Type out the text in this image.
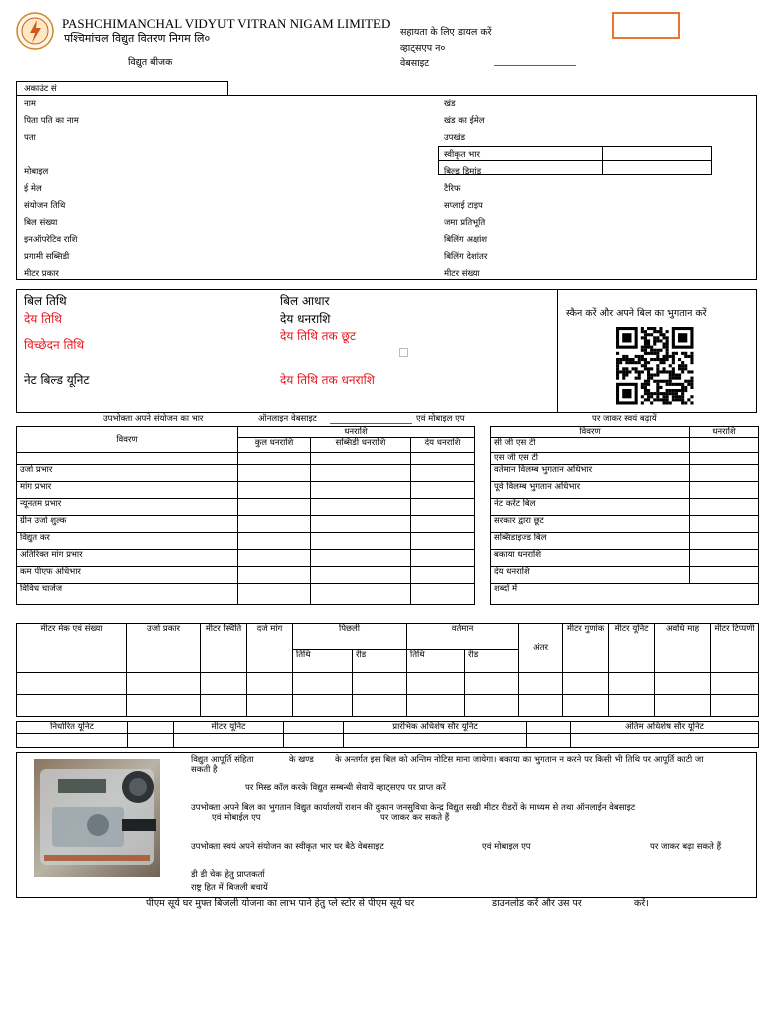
PASHCHIMANCHAL VIDYUT VITRAN NIGAM LIMITED
पश्चिमांचल विद्युत वितरण निगम लि०
विद्युत बीजक
सहायता के लिए डायल करें
व्हाट्सएप न०
वेबसाइट
अकाउंट सं
नाम
पिता पति का नाम
पता
मोबाइल
ई मेल
संयोजन तिथि
बिल संख्या
इनऑपरेटिव राशि
प्रगामी सब्सिडी
मीटर प्रकार
खंड
खंड का ईमेल
उपखंड
स्वीकृत भार
बिल्ड डिमांड
टैरिफ
सप्लाई टाइप
जमा प्रतिभूति
बिलिंग अक्षांश
बिलिंग देशांतर
मीटर संख्या
बिल तिथि
देय तिथि
विच्छेदन तिथि
नेट बिल्ड यूनिट
बिल आधार
देय धनराशि
देय तिथि तक छूट
देय तिथि तक धनराशि
स्कैन करें और अपने बिल का भुगतान करें
उपभोक्ता अपने संयोजन का भार	ऑनलाइन वेबसाइट	एवं मोबाइल एप	पर जाकर स्वयं बढ़ायें
विवरण	धनराशि				विवरण	धनराशि
	कुल धनराशि	सब्सिडी धनराशि	देय धनराशि		सी जी एस टी	
					एस जी एस टी	
उर्जा प्रभार					वर्तमान विलम्ब भुगतान अधिभार	
मांग प्रभार					पूर्व विलम्ब भुगतान अधिभार	
न्यूनतम प्रभार					नेट करेंट बिल	
ग्रीन उर्जा शुल्क					सरकार द्वारा छूट	
विद्युत कर					सब्सिडाइज्ड बिल	
अतिरिक्त मांग प्रभार					बकाया धनराशि	
कम पीएफ अधिभार					देय धनराशि	
विविध चार्जेज					शब्दों में	
मीटर मेक एवं संख्या	उर्जा प्रकार	मीटर स्थिति	दर्ज मांग	पिछली		वर्तमान		अंतर	मीटर गुणांक	मीटर यूनिट	अवधि माह	मीटर टिप्पणी
				तिथि	रीड	तिथि	रीड					

निर्धारित यूनिट		मीटर यूनिट		प्रारंभिक अधिशेष सौर यूनिट		अंतिम अधिशेष सौर यूनिट

विद्युत आपूर्ति संहिता	के खण्ड के अन्तर्गत इस बिल को अन्तिम नोटिस माना जायेगा। बकाया का भुगतान न करने पर किसी भी तिथि पर आपूर्ति काटी जा
सकती है
पर मिस्ड कॉल करके विद्युत सम्बन्धी सेवायें व्हाट्सएप पर प्राप्त करें
उपभोक्ता अपने बिल का भुगतान विद्युत कार्यालयों राशन की दुकान जनसुविधा केन्द्र विद्युत सखी मीटर रीडरों के माध्यम से तथा ऑनलाईन वेबसाइट
एवं मोबाईल एप	पर जाकर कर सकते हैं
उपभोक्ता स्वयं अपने संयोजन का स्वीकृत भार घर बैठे वेबसाइट	एवं मोबाइल एप	पर जाकर बढ़ा सकते हैं
डी डी चेक हेतु प्राप्तकर्ता
राष्ट्र हित में बिजली बचायें
पीएम सूर्य घर मुफ्त बिजली योजना का लाभ पाने हेतु प्ले स्टोर से पीएम सूर्य घर	डाउनलोड करें और उस पर	करें।
